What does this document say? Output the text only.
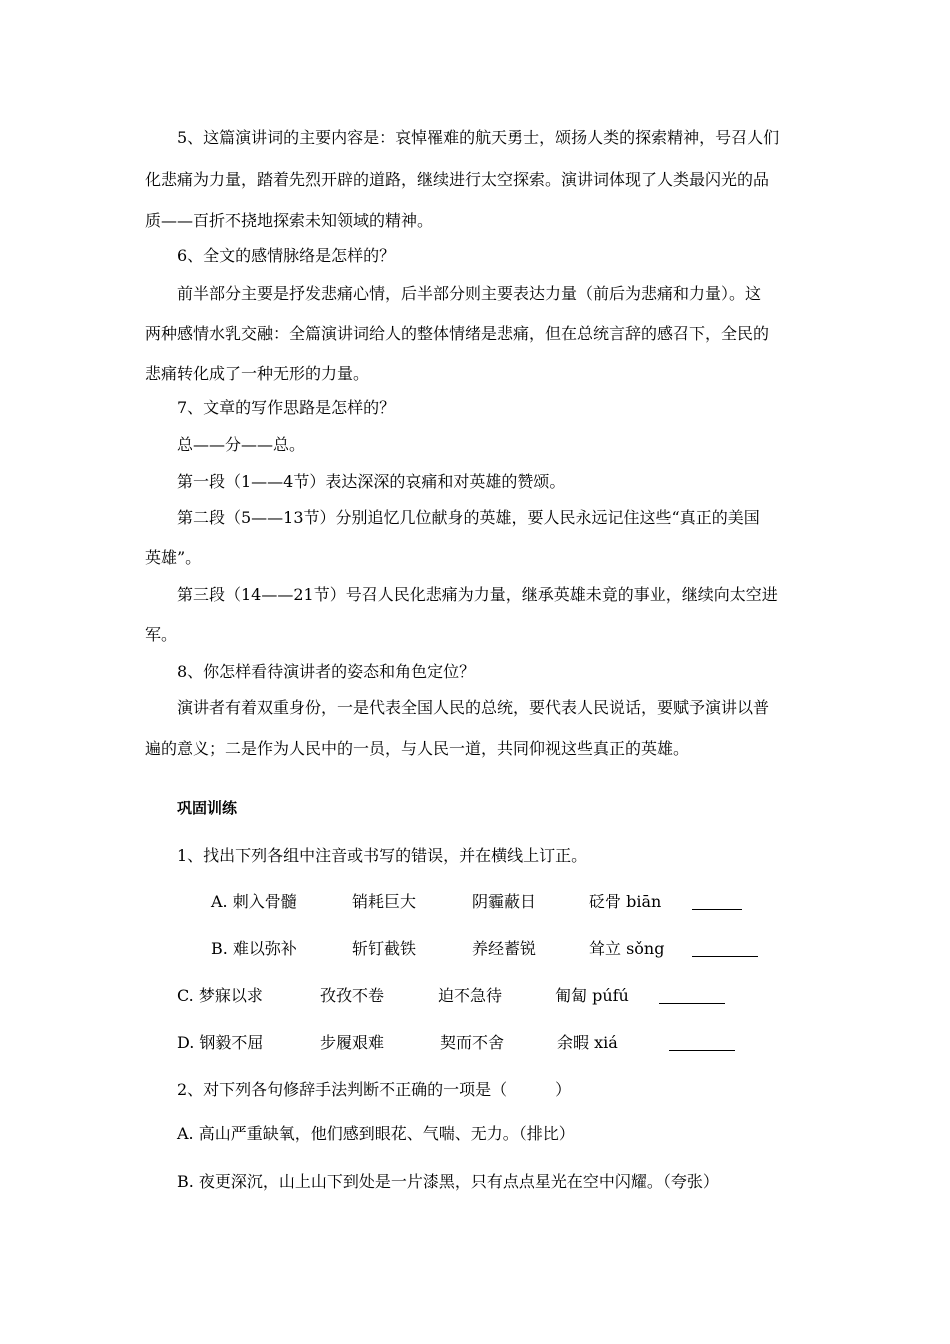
5、这篇演讲词的主要内容是：哀悼罹难的航天勇士，颂扬人类的探索精神，号召人们

化悲痛为力量，踏着先烈开辟的道路，继续进行太空探索。演讲词体现了人类最闪光的品

质——百折不挠地探索未知领域的精神。

6、全文的感情脉络是怎样的？

前半部分主要是抒发悲痛心情，后半部分则主要表达力量（前后为悲痛和力量）。这

两种感情水乳交融：全篇演讲词给人的整体情绪是悲痛，但在总统言辞的感召下，全民的

悲痛转化成了一种无形的力量。

7、文章的写作思路是怎样的？

总——分——总。

第一段（1——4节）表达深深的哀痛和对英雄的赞颂。

第二段（5——13节）分别追忆几位献身的英雄，要人民永远记住这些“真正的美国

英雄”。

第三段（14——21节）号召人民化悲痛为力量，继承英雄未竟的事业，继续向太空进

军。

8、你怎样看待演讲者的姿态和角色定位？

演讲者有着双重身份，一是代表全国人民的总统，要代表人民说话，要赋予演讲以普

遍的意义；二是作为人民中的一员，与人民一道，共同仰视这些真正的英雄。

巩固训练

1、找出下列各组中注音或书写的错误，并在横线上订正。

A. 刺入骨髓	销耗巨大	阴霾蔽日	砭骨 biān
B. 难以弥补	斩钉截铁	养经蓄锐	耸立 sǒng
C. 梦寐以求	孜孜不卷	迫不急待	匍匐 púfú
D. 钢毅不屈	步履艰难	契而不舍	余暇 xiá

2、对下列各句修辞手法判断不正确的一项是（　　　）

A. 高山严重缺氧，他们感到眼花、气喘、无力。（排比）

B. 夜更深沉，山上山下到处是一片漆黑，只有点点星光在空中闪耀。（夸张）
